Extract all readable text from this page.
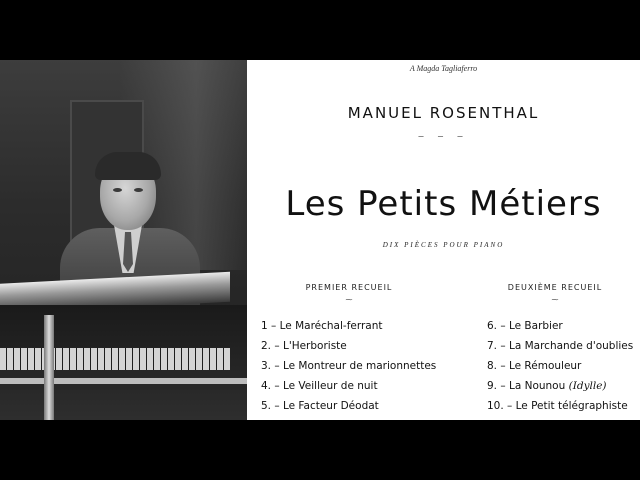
A Magda Tagliaferro
MANUEL ROSENTHAL
– – –
Les Petits Métiers
DIX PIÈCES POUR PIANO
PREMIER RECUEIL
⁓
DEUXIÈME RECUEIL
⁓
1 – Le Maréchal-ferrant
2. – L'Herboriste
3. – Le Montreur de marionnettes
4. – Le Veilleur de nuit
5. – Le Facteur Déodat
6. – Le Barbier
7. – La Marchande d'oublies
8. – Le Rémouleur
9. – La Nounou (Idylle)
10. – Le Petit télégraphiste
